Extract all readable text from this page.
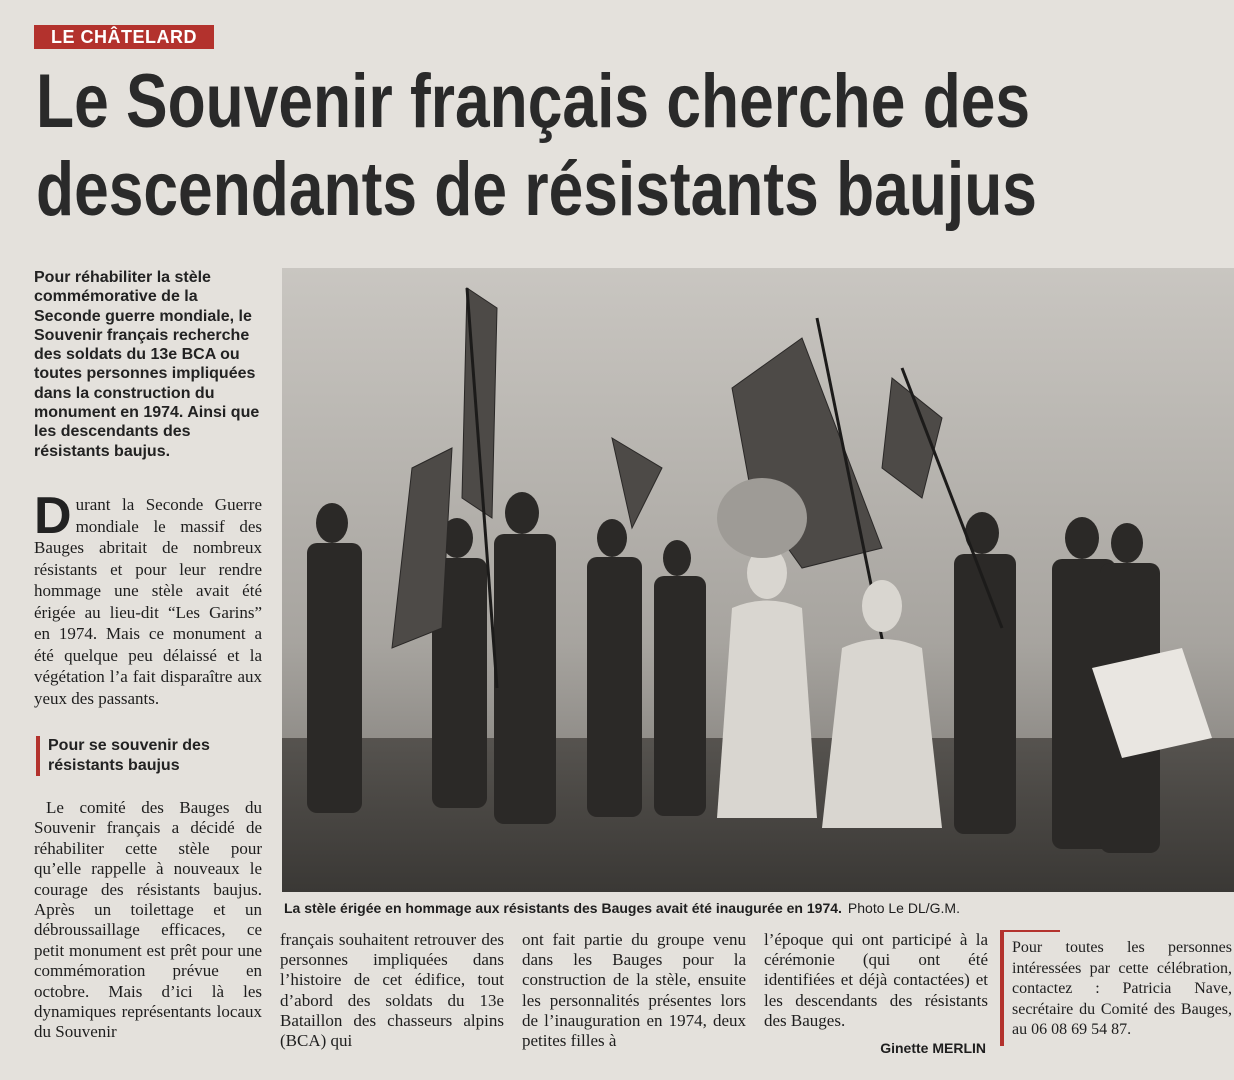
LE CHÂTELARD
Le Souvenir français cherche des
descendants de résistants baujus

Pour réhabiliter la stèle commémorative de la Seconde guerre mondiale, le Souvenir français recherche des soldats du 13e BCA ou toutes personnes impliquées dans la construction du monument en 1974. Ainsi que les descendants des résistants baujus.

Durant la Seconde Guerre mondiale le massif des Bauges abritait de nombreux résistants et pour leur rendre hommage une stèle avait été érigée au lieu-dit “Les Garins” en 1974. Mais ce monument a été quelque peu délaissé et la végétation l’a fait disparaître aux yeux des passants.

Pour se souvenir des résistants baujus

Le comité des Bauges du Souvenir français a décidé de réhabiliter cette stèle pour qu’elle rappelle à nouveaux le courage des résistants baujus. Après un toilettage et un débroussaillage efficaces, ce petit monument est prêt pour une commémoration prévue en octobre. Mais d’ici là les dynamiques représentants locaux du Souvenir

La stèle érigée en hommage aux résistants des Bauges avait été inaugurée en 1974. Photo Le DL/G.M.

français souhaitent retrouver des personnes impliquées dans l’histoire de cet édifice, tout d’abord des soldats du 13e Bataillon des chasseurs alpins (BCA) qui

ont fait partie du groupe venu dans les Bauges pour la construction de la stèle, ensuite les personnalités présentes lors de l’inauguration en 1974, deux petites filles à

l’époque qui ont participé à la cérémonie (qui ont été identifiées et déjà contactées) et les descendants des résistants des Bauges.

Ginette MERLIN

Pour toutes les personnes intéressées par cette célébration, contactez : Patricia Nave, secrétaire du Comité des Bauges, au 06 08 69 54 87.
